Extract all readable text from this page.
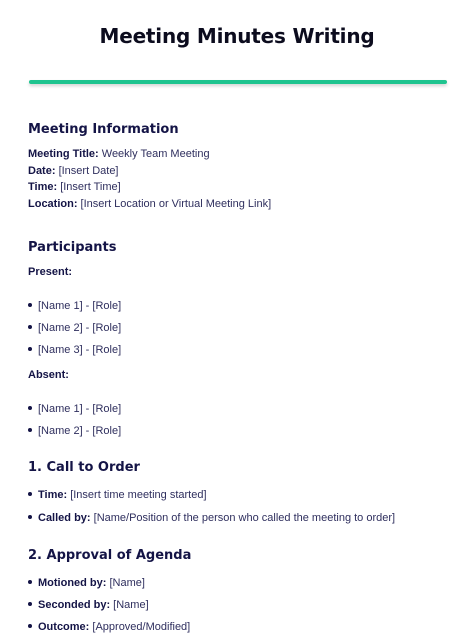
Meeting Minutes Writing
Meeting Information
Meeting Title: Weekly Team Meeting
Date: [Insert Date]
Time: [Insert Time]
Location: [Insert Location or Virtual Meeting Link]
Participants
Present:
[Name 1] - [Role]
[Name 2] - [Role]
[Name 3] - [Role]
Absent:
[Name 1] - [Role]
[Name 2] - [Role]
1. Call to Order
Time: [Insert time meeting started]
Called by: [Name/Position of the person who called the meeting to order]
2. Approval of Agenda
Motioned by: [Name]
Seconded by: [Name]
Outcome: [Approved/Modified]
